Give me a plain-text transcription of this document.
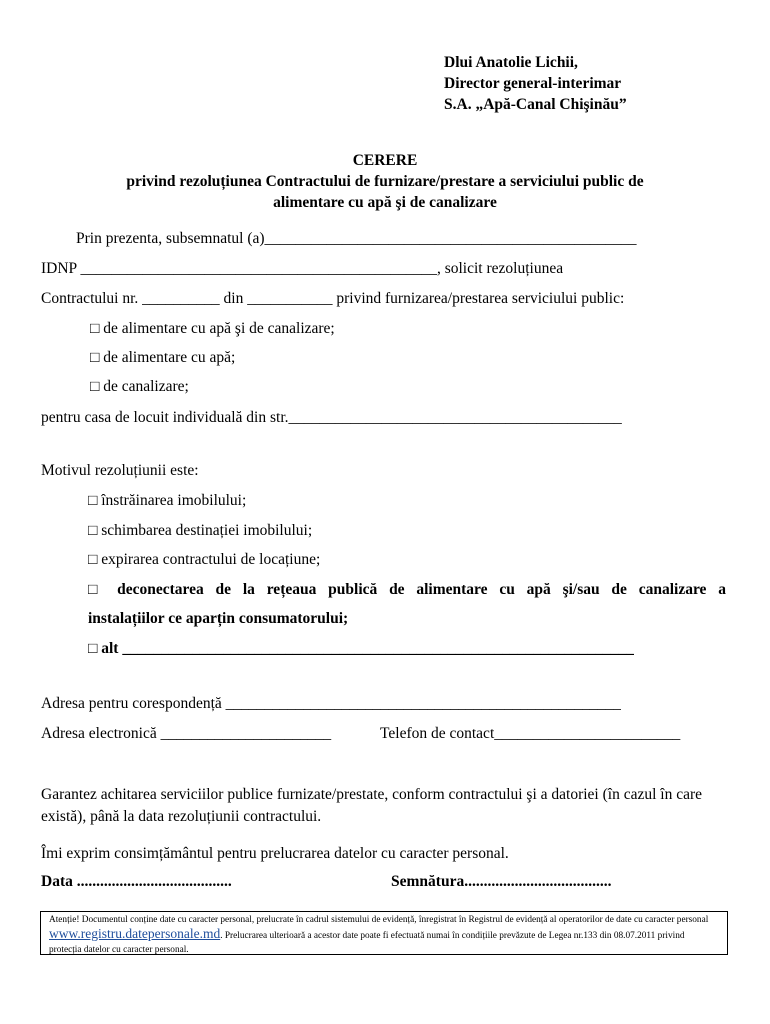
Dlui Anatolie Lichii,
Director general-interimar
S.A. „Apă-Canal Chişinău”
CERERE
privind rezoluțiunea Contractului de furnizare/prestare a serviciului public de
alimentare cu apă şi de canalizare
Prin prezenta, subsemnatul (a)________________________________________________
IDNP ______________________________________________, solicit rezoluțiunea
Contractului nr. __________ din ___________ privind furnizarea/prestarea serviciului public:
□ de alimentare cu apă şi de canalizare;
□ de alimentare cu apă;
□ de canalizare;
pentru casa de locuit individuală din str.___________________________________________
Motivul rezoluțiunii este:
□ înstrăinarea imobilului;
□ schimbarea destinației imobilului;
□ expirarea contractului de locațiune;
□ deconectarea de la rețeaua publică de alimentare cu apă şi/sau de canalizare a
instalațiilor ce aparțin consumatorului;
□ alt __________________________________________________________________
Adresa pentru corespondență ___________________________________________________
Adresa electronică ______________________	Telefon de contact________________________
Garantez achitarea serviciilor publice furnizate/prestate, conform contractului şi a datoriei (în cazul în care există), până la data rezoluțiunii contractului.
Îmi exprim consimțământul pentru prelucrarea datelor cu caracter personal.
Data ........................................	Semnătura......................................
Atenție! Documentul conține date cu caracter personal, prelucrate în cadrul sistemului de evidență, înregistrat în Registrul de evidență al operatorilor de date cu caracter personal www.registru.datepersonale.md. Prelucrarea ulterioară a acestor date poate fi efectuată numai în condițiile prevăzute de Legea nr.133 din 08.07.2011 privind protecția datelor cu caracter personal.
